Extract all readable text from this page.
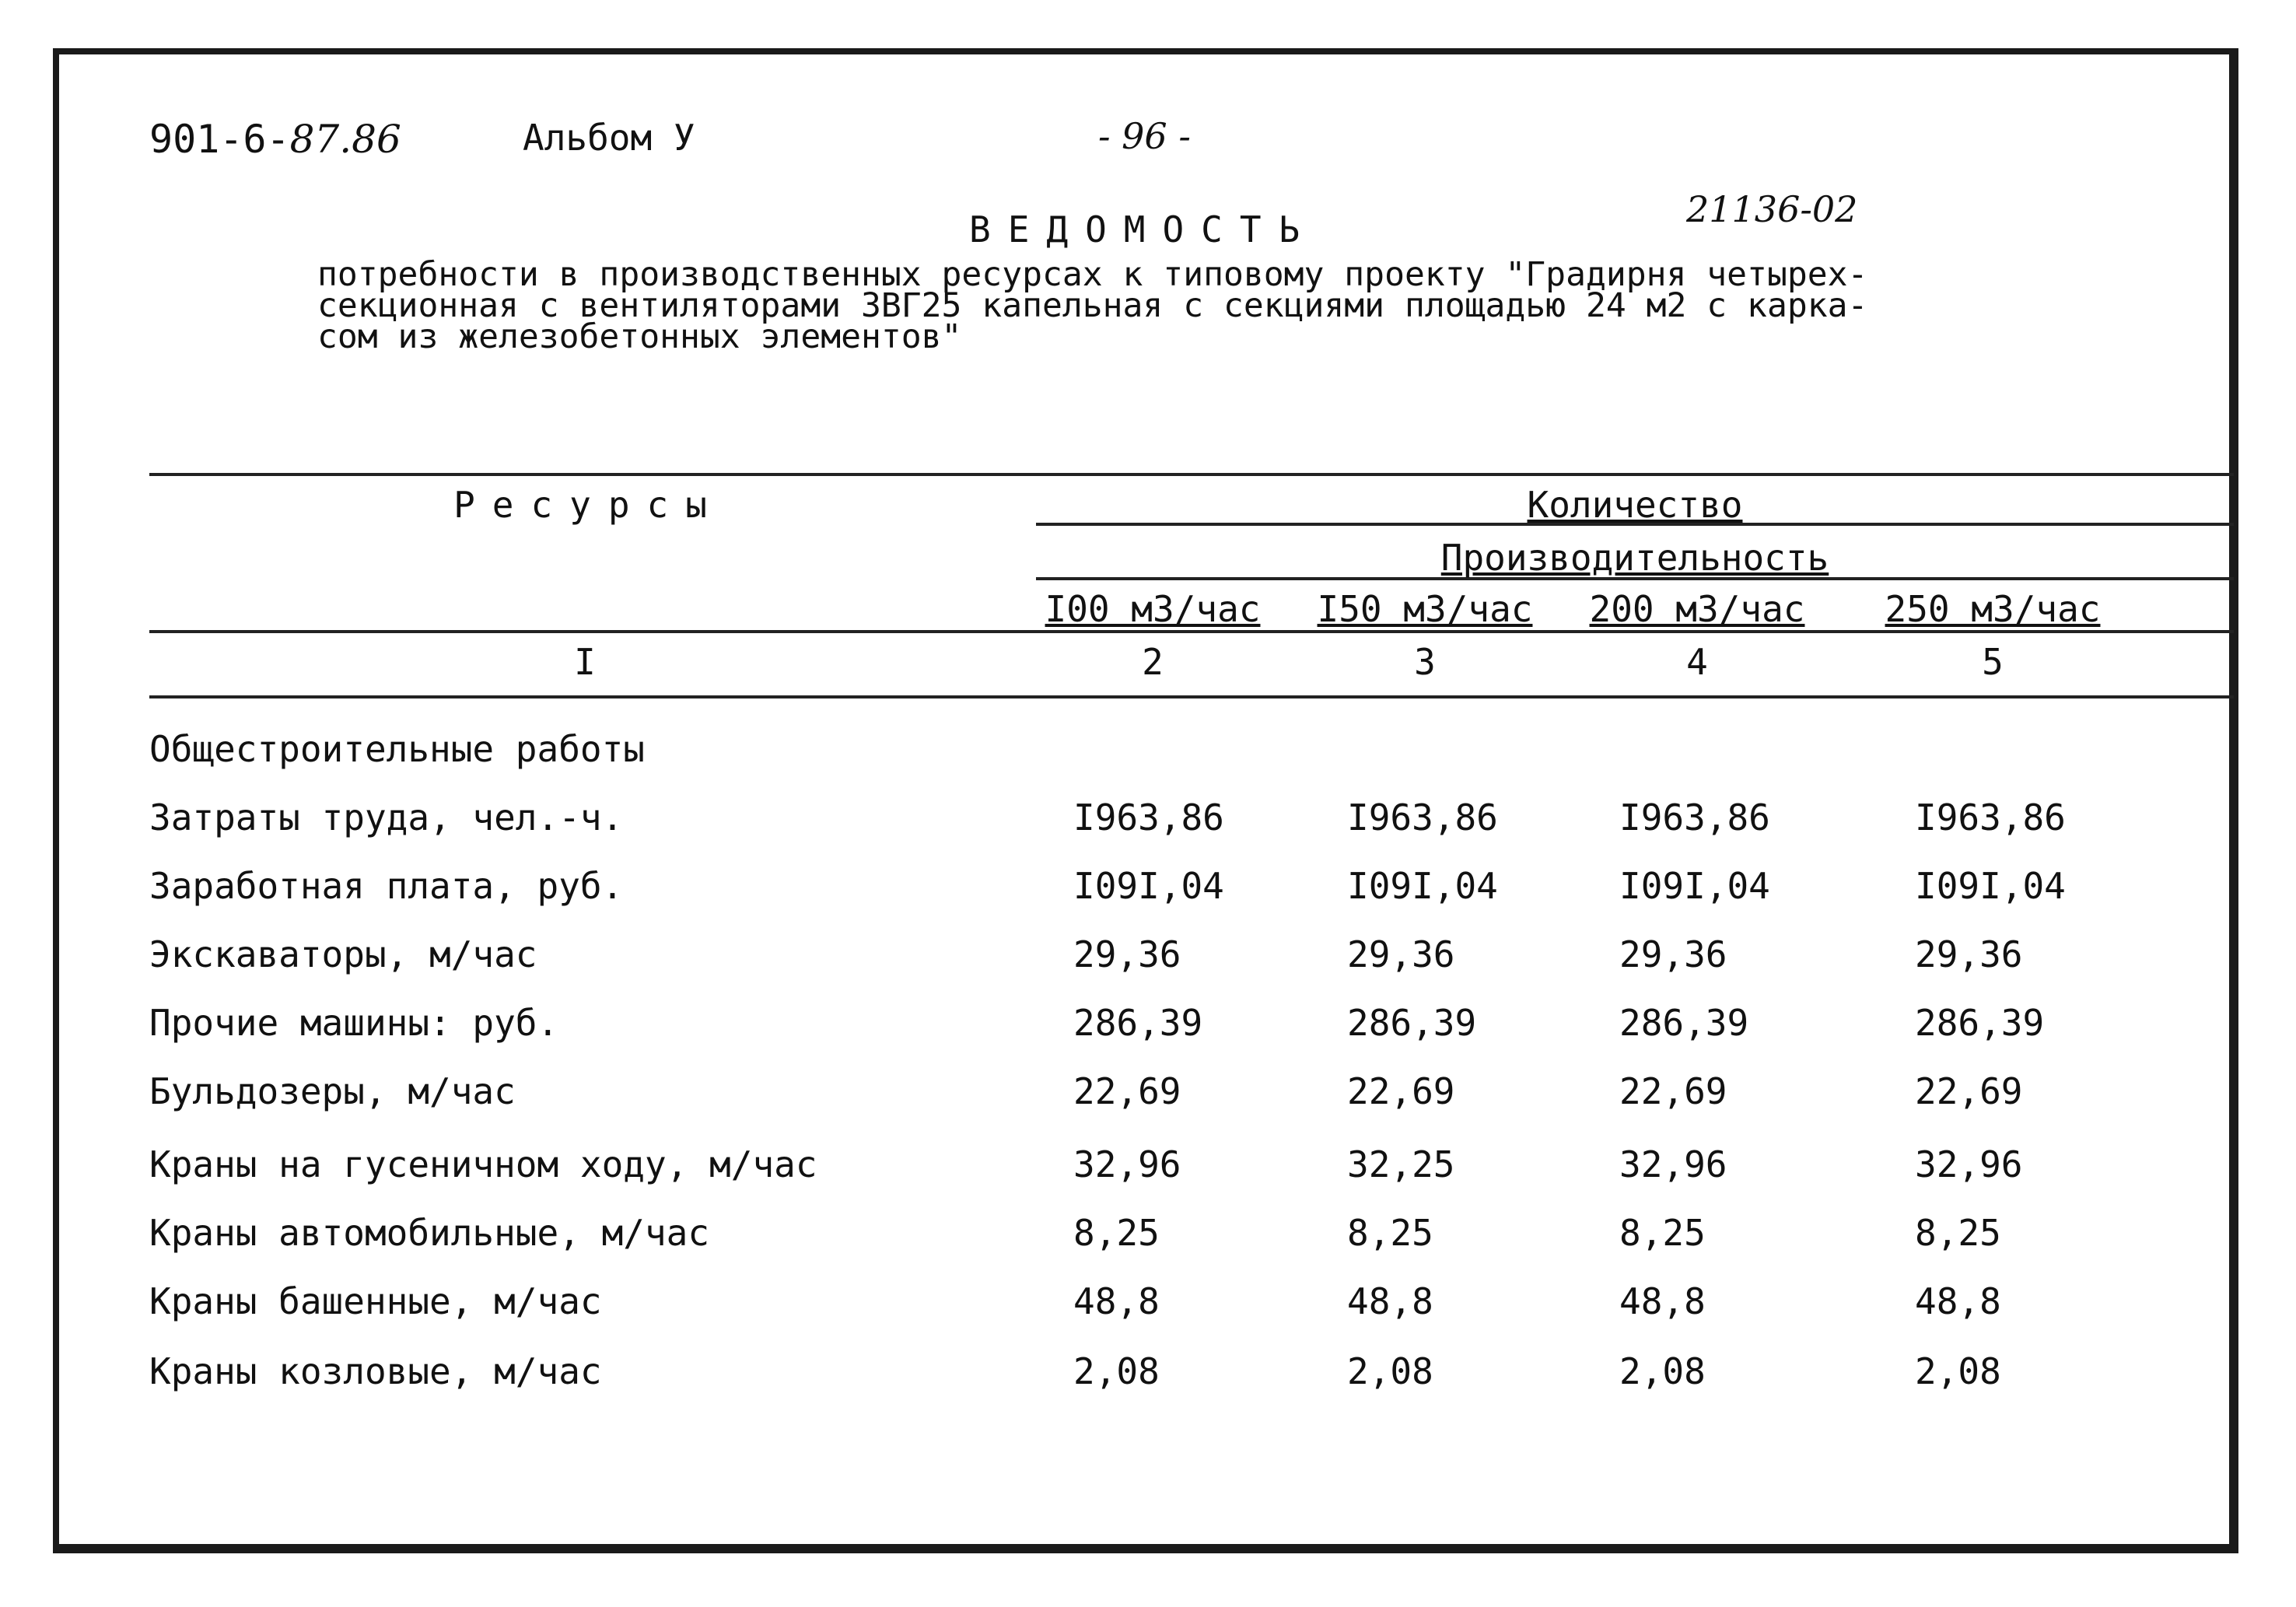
901-6-87.86	Альбом У	- 96 -
21136-02
ВЕДОМОСТЬ
потребности в производственных ресурсах к типовому проекту "Градирня четырех-
секционная с вентиляторами 3ВГ25 капельная с секциями площадью 24 м2 с карка-
сом из железобетонных элементов"
Ресурсы	Количество
Производительность
I00 м3/час	I50 м3/час	200 м3/час	250 м3/час
I	2	3	4	5
Общестроительные работы
Затраты труда, чел.-ч.	I963,86	I963,86	I963,86	I963,86
Заработная плата, руб.	I09I,04	I09I,04	I09I,04	I09I,04
Экскаваторы, м/час	29,36	29,36	29,36	29,36
Прочие машины: руб.	286,39	286,39	286,39	286,39
Бульдозеры, м/час	22,69	22,69	22,69	22,69
Краны на гусеничном ходу, м/час	32,96	32,25	32,96	32,96
Краны автомобильные, м/час	8,25	8,25	8,25	8,25
Краны башенные, м/час	48,8	48,8	48,8	48,8
Краны козловые, м/час	2,08	2,08	2,08	2,08
